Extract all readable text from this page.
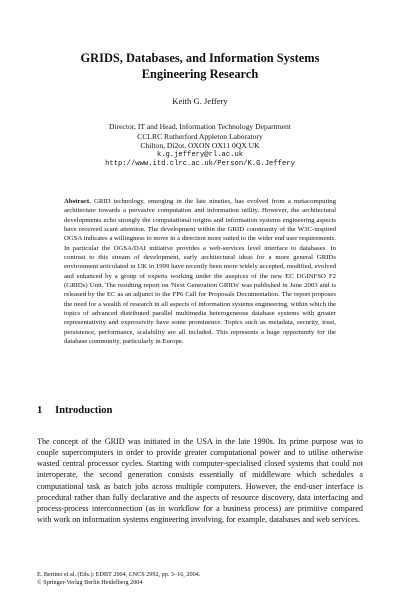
GRIDS, Databases, and Information Systems
Engineering Research
Keith G. Jeffery
Director, IT and Head, Information Technology Department
CCLRC Rutherford Appleton Laboratory
Chilton, Di2ot, OXON OX11 0QX UK
k.g.jeffery@rl.ac.uk
http://www.itd.clrc.ac.uk/Person/K.G.Jeffery
Abstract. GRID technology, emerging in the late nineties, has evolved from a metacomputing architecture towards a pervasive computation and information utility. However, the architectural developments echo strongly the computational origins and information systems engineering aspects have received scant attention. The development within the GRID community of the W3C-inspired OGSA indicates a willingness to move in a direction more suited to the wider end user requirements. In particular the OGSA/DAI initiative provides a web-services level interface to databases. In contrast to this stream of development, early architectural ideas for a more general GRIDs environment articulated in UK in 1999 have recently been more widely accepted, modified, evolved and enhanced by a group of experts working under the auspices of the new EC DGINFSO F2 (GRIDs) Unit. The resulting report on 'Next Generation GRIDs' was published in June 2003 and is released by the EC as an adjunct to the FP6 Call for Proposals Documentation. The report proposes the need for a wealth of research in all aspects of information systems engineering, within which the topics of advanced distributed parallel multimedia heterogeneous database systems with greater representativity and expressivity have some prominence. Topics such as metadata, security, trust, persistence, performance, scalability are all included. This represents a huge opportunity for the database community, particularly in Europe.
1 Introduction
The concept of the GRID was initiated in the USA in the late 1990s. Its prime purpose was to couple supercomputers in order to provide greater computational power and to utilise otherwise wasted central processor cycles. Starting with computer-specialised closed systems that could not interoperate, the second generation consists essentially of middleware which schedules a computational task as batch jobs across multiple computers. However, the end-user interface is procedural rather than fully declarative and the aspects of resource discovery, data interfacing and process-process interconnection (as in workflow for a business process) are primitive compared with work on information systems engineering involving, for example, databases and web services.
E. Bertino et al. (Eds.): EDBT 2004, LNCS 2992, pp. 3–16, 2004.
© Springer-Verlag Berlin Heidelberg 2004
